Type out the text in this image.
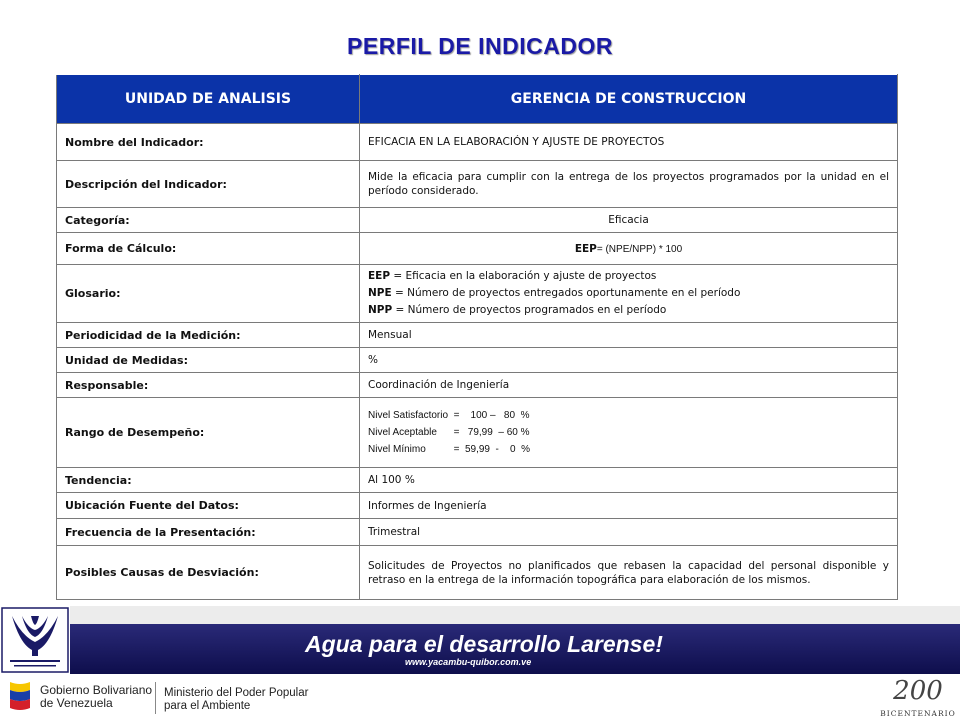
PERFIL DE INDICADOR
UNIDAD DE ANALISIS	GERENCIA DE CONSTRUCCION
Nombre del Indicador:	EFICACIA EN LA ELABORACIÓN Y AJUSTE DE PROYECTOS
Descripción del Indicador:	Mide la eficacia para cumplir con la entrega de los proyectos programados por la unidad en el período considerado.
Categoría:	Eficacia
Forma de Cálculo:	EEP= (NPE/NPP) * 100
Glosario:	EEP = Eficacia en la elaboración y ajuste de proyectos
NPE = Número de proyectos entregados oportunamente en el período
NPP = Número de proyectos programados en el período

Periodicidad de la Medición:	Mensual
Unidad de Medidas:	%
Responsable:	Coordinación de Ingeniería
Rango de Desempeño:	Nivel Satisfactorio  =    100 –   80  %
Nivel Aceptable      =   79,99  – 60 %
Nivel Mínimo          =  59,99  -    0  %

Tendencia:	Al 100 %
Ubicación Fuente del Datos:	Informes de Ingeniería
Frecuencia de la Presentación:	Trimestral
Posibles Causas de Desviación:	Solicitudes de Proyectos no planificados que rebasen la capacidad del personal disponible y retraso en la entrega de la información topográfica para elaboración de los mismos.
Agua para el desarrollo Larense!
www.yacambu-quibor.com.ve
Gobierno Bolivariano
de Venezuela
Ministerio del Poder Popular
para el Ambiente	200
BICENTENARIO
